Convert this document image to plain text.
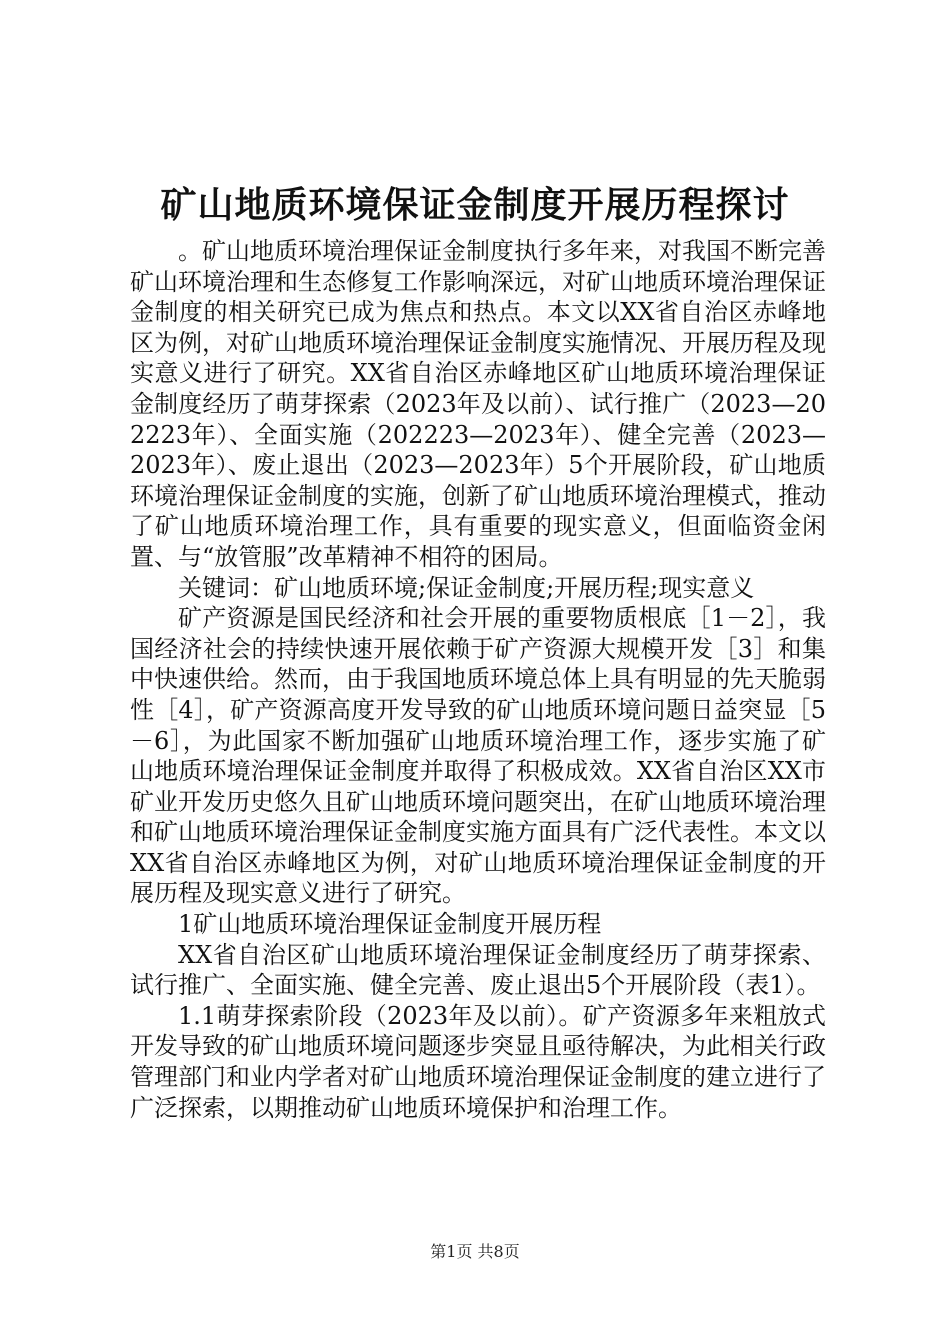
矿山地质环境保证金制度开展历程探讨

。矿山地质环境治理保证金制度执行多年来，对我国不断完善矿山环境治理和生态修复工作影响深远，对矿山地质环境治理保证金制度的相关研究已成为焦点和热点。本文以XX省自治区赤峰地区为例，对矿山地质环境治理保证金制度实施情况、开展历程及现实意义进行了研究。XX省自治区赤峰地区矿山地质环境治理保证金制度经历了萌芽探索（2023年及以前）、试行推广（2023—202223年）、全面实施（202223—2023年）、健全完善（2023—2023年）、废止退出（2023—2023年）5个开展阶段，矿山地质环境治理保证金制度的实施，创新了矿山地质环境治理模式，推动了矿山地质环境治理工作，具有重要的现实意义，但面临资金闲置、与“放管服”改革精神不相符的困局。

关键词：矿山地质环境;保证金制度;开展历程;现实意义

矿产资源是国民经济和社会开展的重要物质根底［1－2］，我国经济社会的持续快速开展依赖于矿产资源大规模开发［3］和集中快速供给。然而，由于我国地质环境总体上具有明显的先天脆弱性［4］，矿产资源高度开发导致的矿山地质环境问题日益突显［5－6］，为此国家不断加强矿山地质环境治理工作，逐步实施了矿山地质环境治理保证金制度并取得了积极成效。XX省自治区XX市矿业开发历史悠久且矿山地质环境问题突出，在矿山地质环境治理和矿山地质环境治理保证金制度实施方面具有广泛代表性。本文以XX省自治区赤峰地区为例，对矿山地质环境治理保证金制度的开展历程及现实意义进行了研究。

1矿山地质环境治理保证金制度开展历程

XX省自治区矿山地质环境治理保证金制度经历了萌芽探索、试行推广、全面实施、健全完善、废止退出5个开展阶段（表1）。

1.1萌芽探索阶段（2023年及以前）。矿产资源多年来粗放式开发导致的矿山地质环境问题逐步突显且亟待解决，为此相关行政管理部门和业内学者对矿山地质环境治理保证金制度的建立进行了广泛探索，以期推动矿山地质环境保护和治理工作。

第1页 共8页
